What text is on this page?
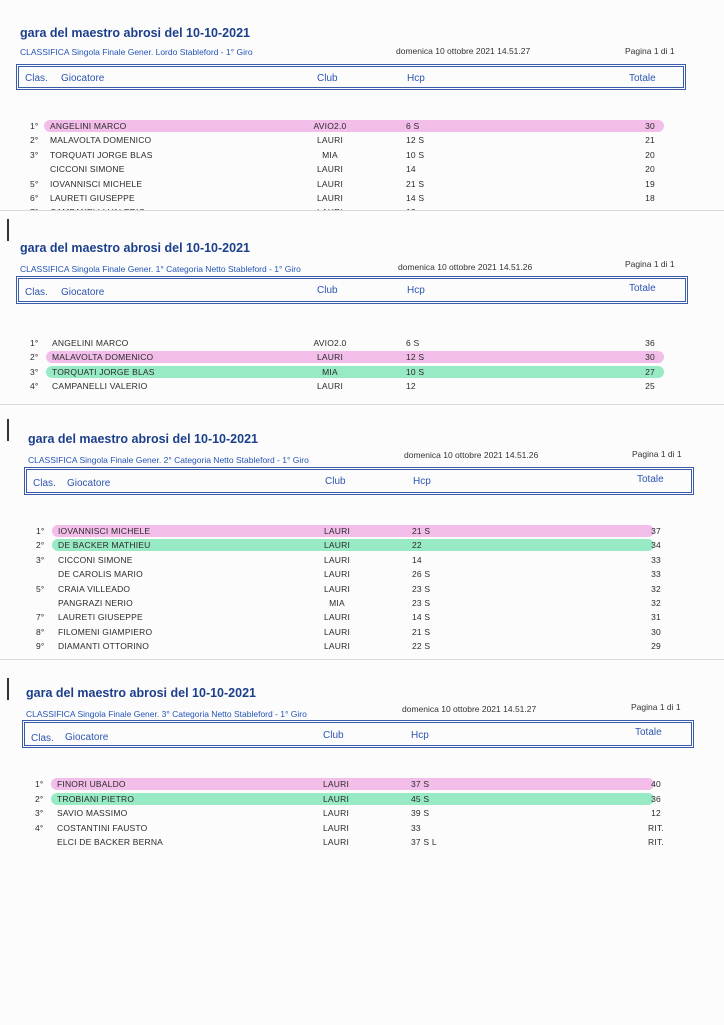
gara del maestro abrosi del 10-10-2021
CLASSIFICA Singola Finale Gener. Lordo Stableford - 1° Giro	domenica 10 ottobre 2021 14.51.27	Pagina 1 di 1
Clas. Giocatore	Club	Hcp	Totale
1° ANGELINI MARCO	AVIO2.0	6 S	30
2° MALAVOLTA DOMENICO	LAURI	12 S	21
3° TORQUATI JORGE BLAS	MIA	10 S	20
CICCONI SIMONE	LAURI	14	20
5° IOVANNISCI MICHELE	LAURI	21 S	19
6° LAURETI GIUSEPPE	LAURI	14 S	18
gara del maestro abrosi del 10-10-2021
CLASSIFICA Singola Finale Gener. 1° Categoria Netto Stableford - 1° Giro	domenica 10 ottobre 2021 14.51.26	Pagina 1 di 1
Clas. Giocatore	Club	Hcp	Totale
1° ANGELINI MARCO	AVIO2.0	6 S	36
2° MALAVOLTA DOMENICO	LAURI	12 S	30
3° TORQUATI JORGE BLAS	MIA	10 S	27
4° CAMPANELLI VALERIO	LAURI	12	25
gara del maestro abrosi del 10-10-2021
CLASSIFICA Singola Finale Gener. 2° Categoria Netto Stableford - 1° Giro	domenica 10 ottobre 2021 14.51.26	Pagina 1 di 1
Clas. Giocatore	Club	Hcp	Totale
1° IOVANNISCI MICHELE	LAURI	21 S	37
2° DE BACKER MATHIEU	LAURI	22	34
3° CICCONI SIMONE	LAURI	14	33
DE CAROLIS MARIO	LAURI	26 S	33
5° CRAIA VILLEADO	LAURI	23 S	32
PANGRAZI NERIO	MIA	23 S	32
7° LAURETI GIUSEPPE	LAURI	14 S	31
8° FILOMENI GIAMPIERO	LAURI	21 S	30
9° DIAMANTI OTTORINO	LAURI	22 S	29
gara del maestro abrosi del 10-10-2021
CLASSIFICA Singola Finale Gener. 3° Categoria Netto Stableford - 1° Giro	domenica 10 ottobre 2021 14.51.27	Pagina 1 di 1
Clas. Giocatore	Club	Hcp	Totale
1° FINORI UBALDO	LAURI	37 S	40
2° TROBIANI PIETRO	LAURI	45 S	36
3° SAVIO MASSIMO	LAURI	39 S	12
4° COSTANTINI FAUSTO	LAURI	33	RIT.
ELCI DE BACKER BERNA	LAURI	37 S L	RIT.
